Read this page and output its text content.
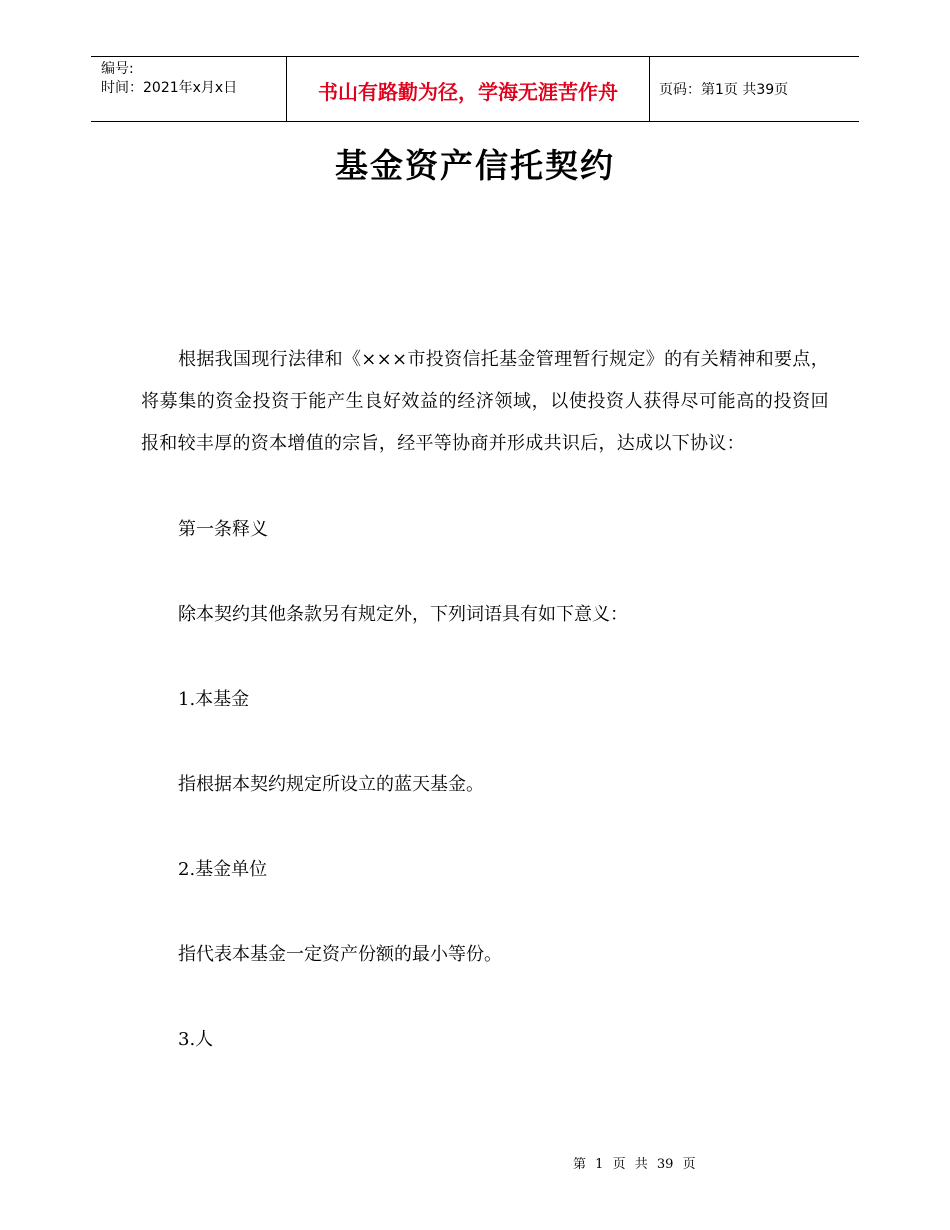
编号:
时间：2021年x月x日	书山有路勤为径，学海无涯苦作舟	页码：第1页 共39页
基金资产信托契约
根据我国现行法律和《×××市投资信托基金管理暂行规定》的有关精神和要点，将募集的资金投资于能产生良好效益的经济领域，以使投资人获得尽可能高的投资回报和较丰厚的资本增值的宗旨，经平等协商并形成共识后，达成以下协议：
第一条释义
除本契约其他条款另有规定外，下列词语具有如下意义：
1.本基金
指根据本契约规定所设立的蓝天基金。
2.基金单位
指代表本基金一定资产份额的最小等份。
3.人
第 1 页 共 39 页
